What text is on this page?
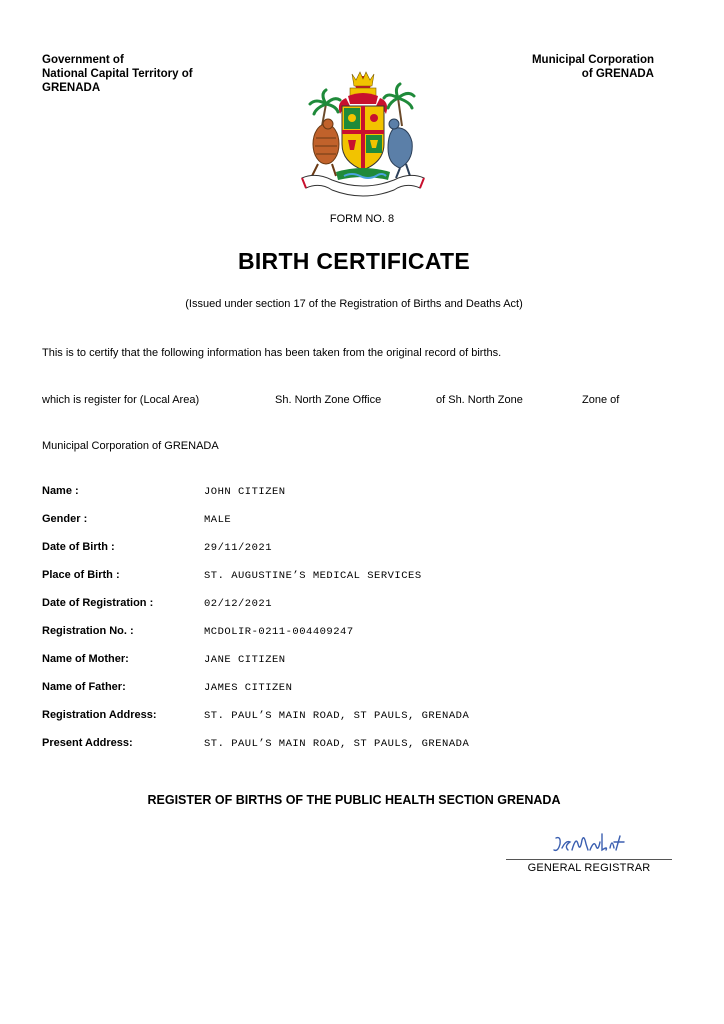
Government of
National Capital Territory of
GRENADA
Municipal Corporation
of GRENADA
FORM NO. 8
BIRTH CERTIFICATE
(Issued under section 17 of the Registration of Births and Deaths Act)
This is to certify that the following information has been taken from the original record of births.
which is register for (Local Area)	Sh. North Zone Office	of Sh. North Zone	Zone of
Municipal Corporation of GRENADA
Name :	JOHN CITIZEN
Gender :	MALE
Date of Birth :	29/11/2021
Place of Birth :	ST. AUGUSTINE’S MEDICAL SERVICES
Date of Registration :	02/12/2021
Registration No. :	MCDOLIR-0211-004409247
Name of Mother:	JANE CITIZEN
Name of Father:	JAMES CITIZEN
Registration Address:	ST. PAUL’S MAIN ROAD, ST PAULS, GRENADA
Present Address:	ST. PAUL’S MAIN ROAD, ST PAULS, GRENADA
REGISTER OF BIRTHS OF THE PUBLIC HEALTH SECTION GRENADA
GENERAL REGISTRAR
